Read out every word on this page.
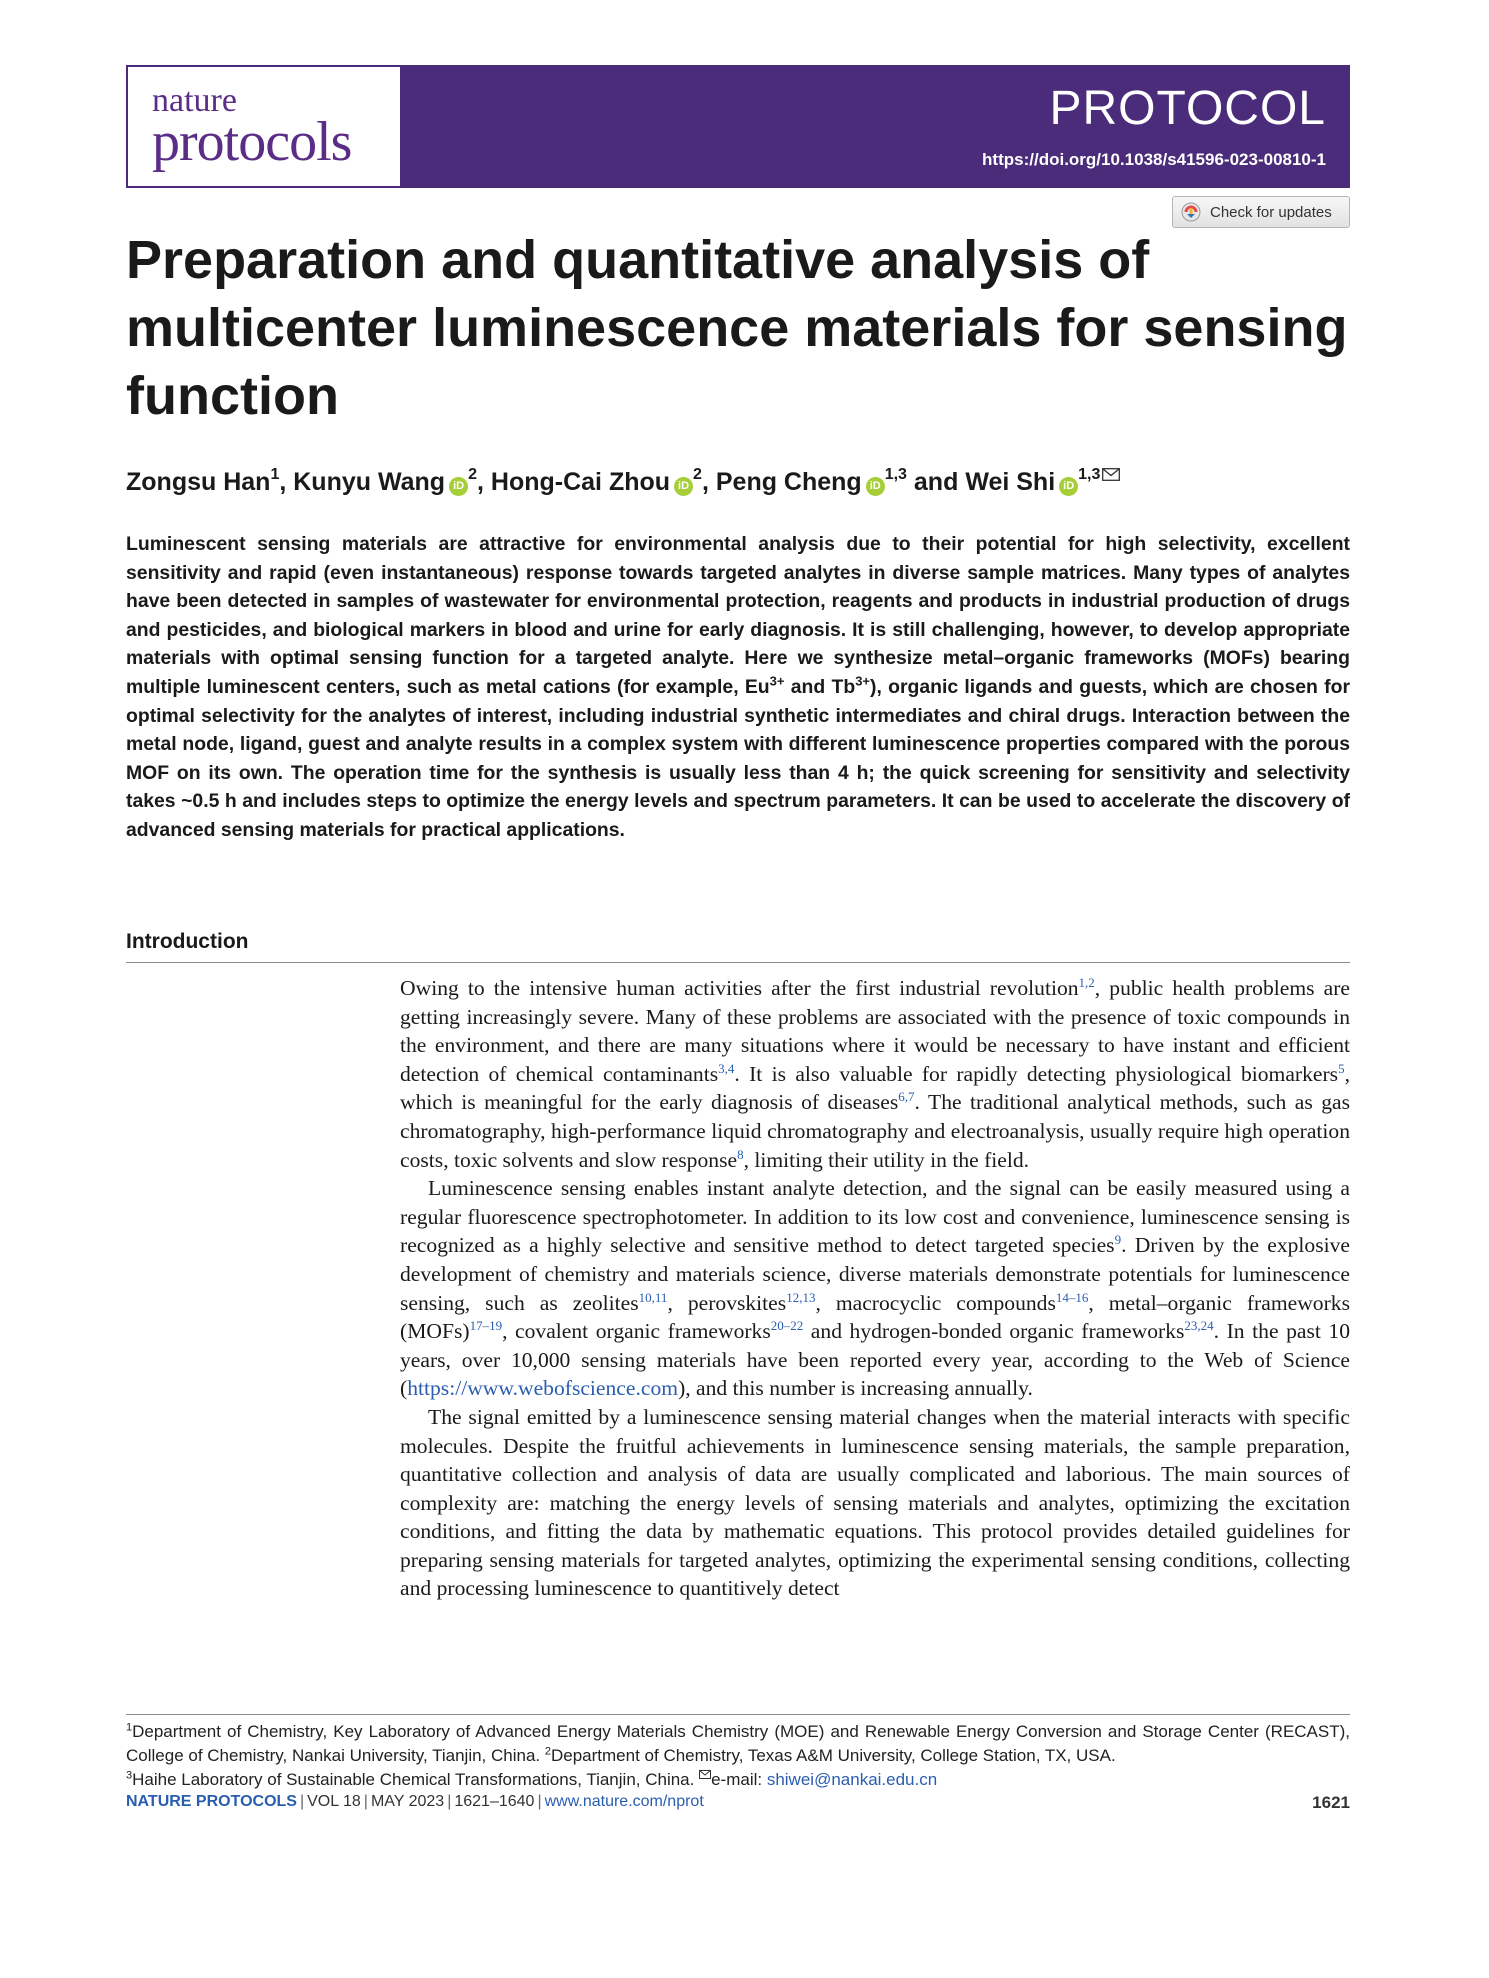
nature
protocols
PROTOCOL
https://doi.org/10.1038/s41596-023-00810-1
Check for updates
Preparation and quantitative analysis of multicenter luminescence materials for sensing function
Zongsu Han$^1$, Kunyu Wang $iD^2$, Hong-Cai Zhou $iD^2$, Peng Cheng iD$^{1,3}$ and Wei Shi iD$^{1,3}$
Luminescent sensing materials are attractive for environmental analysis due to their potential for high selectivity, excellent sensitivity and rapid (even instantaneous) response towards targeted analytes in diverse sample matrices. Many types of analytes have been detected in samples of wastewater for environmental protection, reagents and products in industrial production of drugs and pesticides, and biological markers in blood and urine for early diagnosis. It is still challenging, however, to develop appropriate materials with optimal sensing function for a targeted analyte. Here we synthesize metal–organic frameworks (MOFs) bearing multiple luminescent centers, such as metal cations (for example, $Eu^{3+}$ and $Tb^{3+}$), organic ligands and guests, which are chosen for optimal selectivity for the analytes of interest, including industrial synthetic intermediates and chiral drugs. Interaction between the metal node, ligand, guest and analyte results in a complex system with different luminescence properties compared with the porous MOF on its own. The operation time for the synthesis is usually less than 4 h; the quick screening for sensitivity and selectivity takes ~0.5 h and includes steps to optimize the energy levels and spectrum parameters. It can be used to accelerate the discovery of advanced sensing materials for practical applications.
Introduction

Owing to the intensive human activities after the first industrial revolution$^{1,2}$, public health problems are getting increasingly severe. Many of these problems are associated with the presence of toxic compounds in the environment, and there are many situations where it would be necessary to have instant and efficient detection of chemical contaminants$^{3,4}$. It is also valuable for rapidly detecting physiological biomarkers$^5$, which is meaningful for the early diagnosis of diseases$^{6,7}$. The traditional analytical methods, such as gas chromatography, high-performance liquid chromatography and electroanalysis, usually require high operation costs, toxic solvents and slow response$^8$, limiting their utility in the field.

Luminescence sensing enables instant analyte detection, and the signal can be easily measured using a regular fluorescence spectrophotometer. In addition to its low cost and convenience, luminescence sensing is recognized as a highly selective and sensitive method to detect targeted species$^9$. Driven by the explosive development of chemistry and materials science, diverse materials demonstrate potentials for luminescence sensing, such as zeolites$^{10,11}$, perovskites$^{12,13}$, macrocyclic compounds$^{14-16}$, metal–organic frameworks (MOFs)$^{17-19}$, covalent organic frameworks$^{20-22}$ and hydrogen-bonded organic frameworks$^{23,24}$. In the past 10 years, over 10,000 sensing materials have been reported every year, according to the Web of Science (https://www.webofscience.com), and this number is increasing annually.

The signal emitted by a luminescence sensing material changes when the material interacts with specific molecules. Despite the fruitful achievements in luminescence sensing materials, the sample preparation, quantitative collection and analysis of data are usually complicated and laborious. The main sources of complexity are: matching the energy levels of sensing materials and analytes, optimizing the excitation conditions, and fitting the data by mathematic equations. This protocol provides detailed guidelines for preparing sensing materials for targeted analytes, optimizing the experimental sensing conditions, collecting and processing luminescence to quantitively detect

$^1$Department of Chemistry, Key Laboratory of Advanced Energy Materials Chemistry (MOE) and Renewable Energy Conversion and Storage Center (RECAST), College of Chemistry, Nankai University, Tianjin, China. $^2$Department of Chemistry, Texas A&M University, College Station, TX, USA.
$^3$Haihe Laboratory of Sustainable Chemical Transformations, Tianjin, China. e-mail: shiwei@nankai.edu.cn
NATURE PROTOCOLS | VOL 18 | MAY 2023 | 1621–1640 | www.nature.com/nprot	1621
